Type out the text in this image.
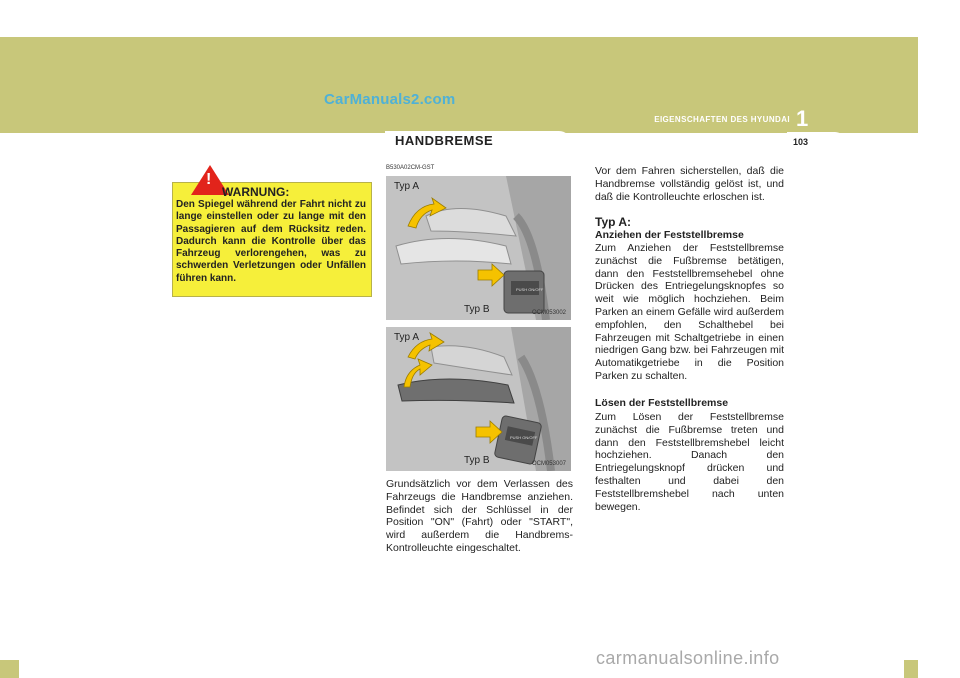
CarManuals2.com
EIGENSCHAFTEN DES HYUNDAI 1
HANDBREMSE	103
!
WARNUNG:
Den Spiegel während der Fahrt nicht zu lange einstellen oder zu lange mit den Passagieren auf dem Rücksitz reden. Dadurch kann die Kontrolle über das Fahrzeug verlorengehen, was zu schwerden Verletzungen oder Unfällen führen kann.
B530A02CM-GST
PUSH ON/OFF
Typ A
Typ B	OCM053002
PUSH ON/OFF
Typ A
Typ B	OCM053007
Grundsätzlich vor dem Verlassen des Fahrzeugs die Handbremse anziehen. Befindet sich der Schlüssel in der Position "ON" (Fahrt) oder "START", wird außerdem die Handbrems-Kontrolleuchte eingeschaltet.
Vor dem Fahren sicherstellen, daß die Handbremse vollständig gelöst ist, und daß die Kontrolleuchte erloschen ist.
Typ A:
Anziehen der Feststellbremse
Zum Anziehen der Feststellbremse zunächst die Fußbremse betätigen, dann den Feststellbremsehebel ohne Drücken des Entriegelungsknopfes so weit wie möglich hochziehen. Beim Parken an einem Gefälle wird außerdem empfohlen, den Schalthebel bei Fahrzeugen mit Schaltgetriebe in einen niedrigen Gang bzw. bei Fahrzeugen mit Automatikgetriebe in die Position Parken zu schalten.
Lösen der Feststellbremse
Zum Lösen der Feststellbremse zunächst die Fußbremse treten und dann den Feststellbremshebel leicht hochziehen. Danach den Entriegelungsknopf drücken und festhalten und dabei den Feststellbremshebel nach unten bewegen.
carmanualsonline.info
